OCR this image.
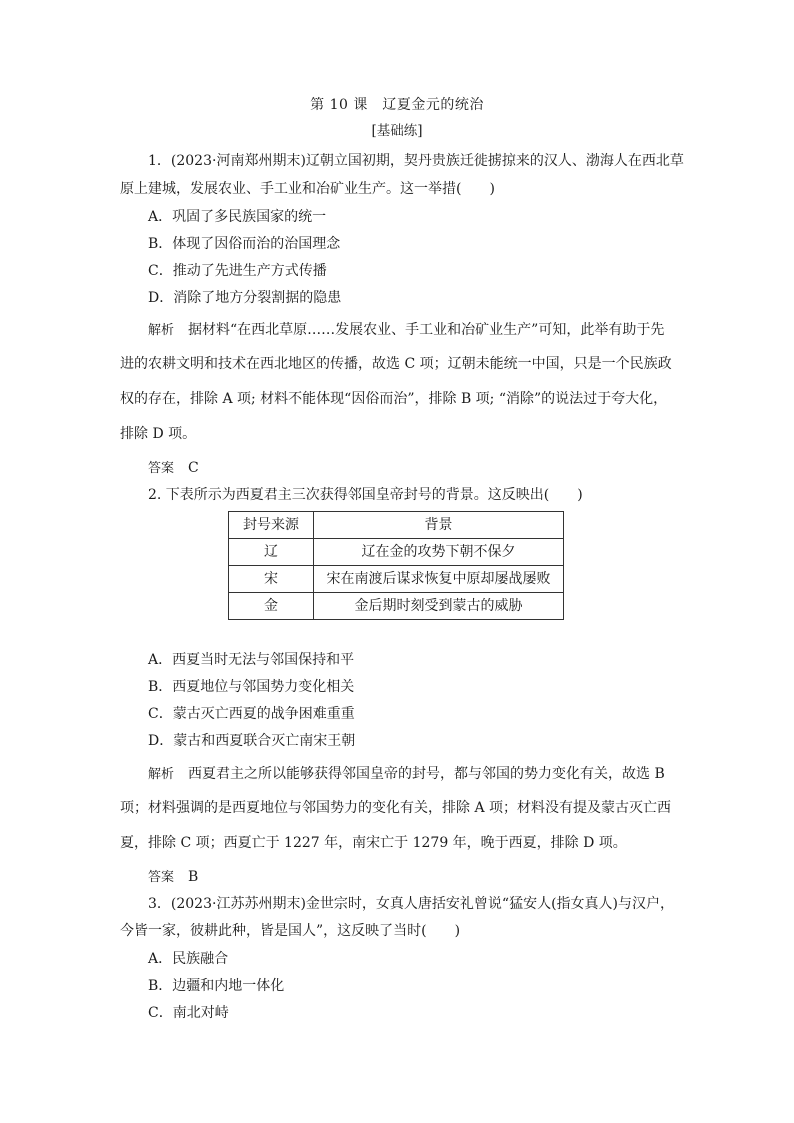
第 10 课　辽夏金元的统治
[基础练]
1．(2023·河南郑州期末)辽朝立国初期，契丹贵族迁徙掳掠来的汉人、渤海人在西北草
原上建城，发展农业、手工业和冶矿业生产。这一举措(　　)
A．巩固了多民族国家的统一
B．体现了因俗而治的治国理念
C．推动了先进生产方式传播
D．消除了地方分裂割据的隐患
解析 据材料“在西北草原……发展农业、手工业和冶矿业生产”可知，此举有助于先
进的农耕文明和技术在西北地区的传播，故选 C 项；辽朝未能统一中国，只是一个民族政
权的存在，排除 A 项; 材料不能体现“因俗而治”，排除 B 项; “消除”的说法过于夸大化，
排除 D 项。
答案 C
2. 下表所示为西夏君主三次获得邻国皇帝封号的背景。这反映出(　　)
封号来源	背景
辽	辽在金的攻势下朝不保夕
宋	宋在南渡后谋求恢复中原却屡战屡败
金	金后期时刻受到蒙古的威胁
A．西夏当时无法与邻国保持和平
B．西夏地位与邻国势力变化相关
C．蒙古灭亡西夏的战争困难重重
D．蒙古和西夏联合灭亡南宋王朝
解析 西夏君主之所以能够获得邻国皇帝的封号，都与邻国的势力变化有关，故选 B
项；材料强调的是西夏地位与邻国势力的变化有关，排除 A 项；材料没有提及蒙古灭亡西
夏，排除 C 项；西夏亡于 1227 年，南宋亡于 1279 年，晚于西夏，排除 D 项。
答案 B
3．(2023·江苏苏州期末)金世宗时，女真人唐括安礼曾说“猛安人(指女真人)与汉户，
今皆一家，彼耕此种，皆是国人”，这反映了当时(　　)
A．民族融合
B．边疆和内地一体化
C．南北对峙
